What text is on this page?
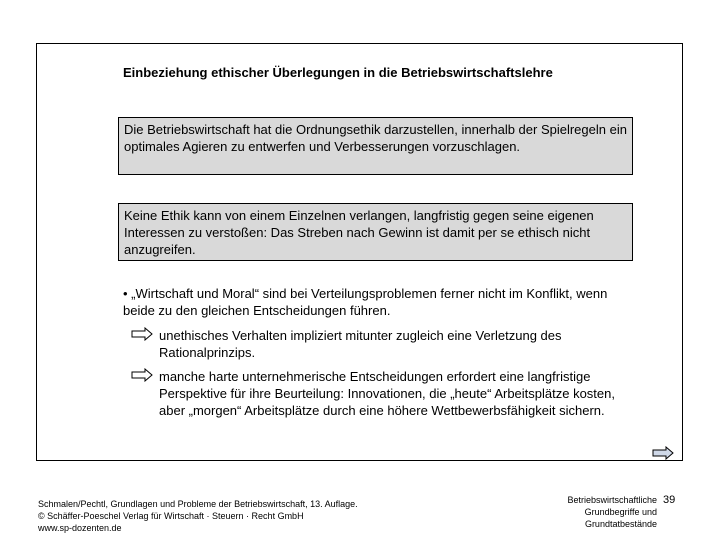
Einbeziehung ethischer Überlegungen in die Betriebswirtschaftslehre
Die Betriebswirtschaft hat die Ordnungsethik darzustellen, innerhalb der Spielregeln ein optimales Agieren zu entwerfen und Verbesserungen vorzuschlagen.
Keine Ethik kann von einem Einzelnen verlangen, langfristig gegen seine eigenen Interessen zu verstoßen: Das Streben nach Gewinn ist damit per se ethisch nicht anzugreifen.
• „Wirtschaft und Moral“ sind bei Verteilungsproblemen ferner nicht im Konflikt, wenn beide zu den gleichen Entscheidungen führen.
unethisches Verhalten impliziert mitunter zugleich eine Verletzung des Rationalprinzips.
manche harte unternehmerische Entscheidungen erfordert eine langfristige Perspektive für ihre Beurteilung: Innovationen, die „heute“ Arbeitsplätze kosten, aber „morgen“ Arbeitsplätze durch eine höhere Wettbewerbsfähigkeit sichern.
Schmalen/Pechtl, Grundlagen und Probleme der Betriebswirtschaft, 13. Auflage.
© Schäffer-Poeschel Verlag für Wirtschaft · Steuern · Recht GmbH
www.sp-dozenten.de
Betriebswirtschaftliche
Grundbegriffe und
Grundtatbestände
39
